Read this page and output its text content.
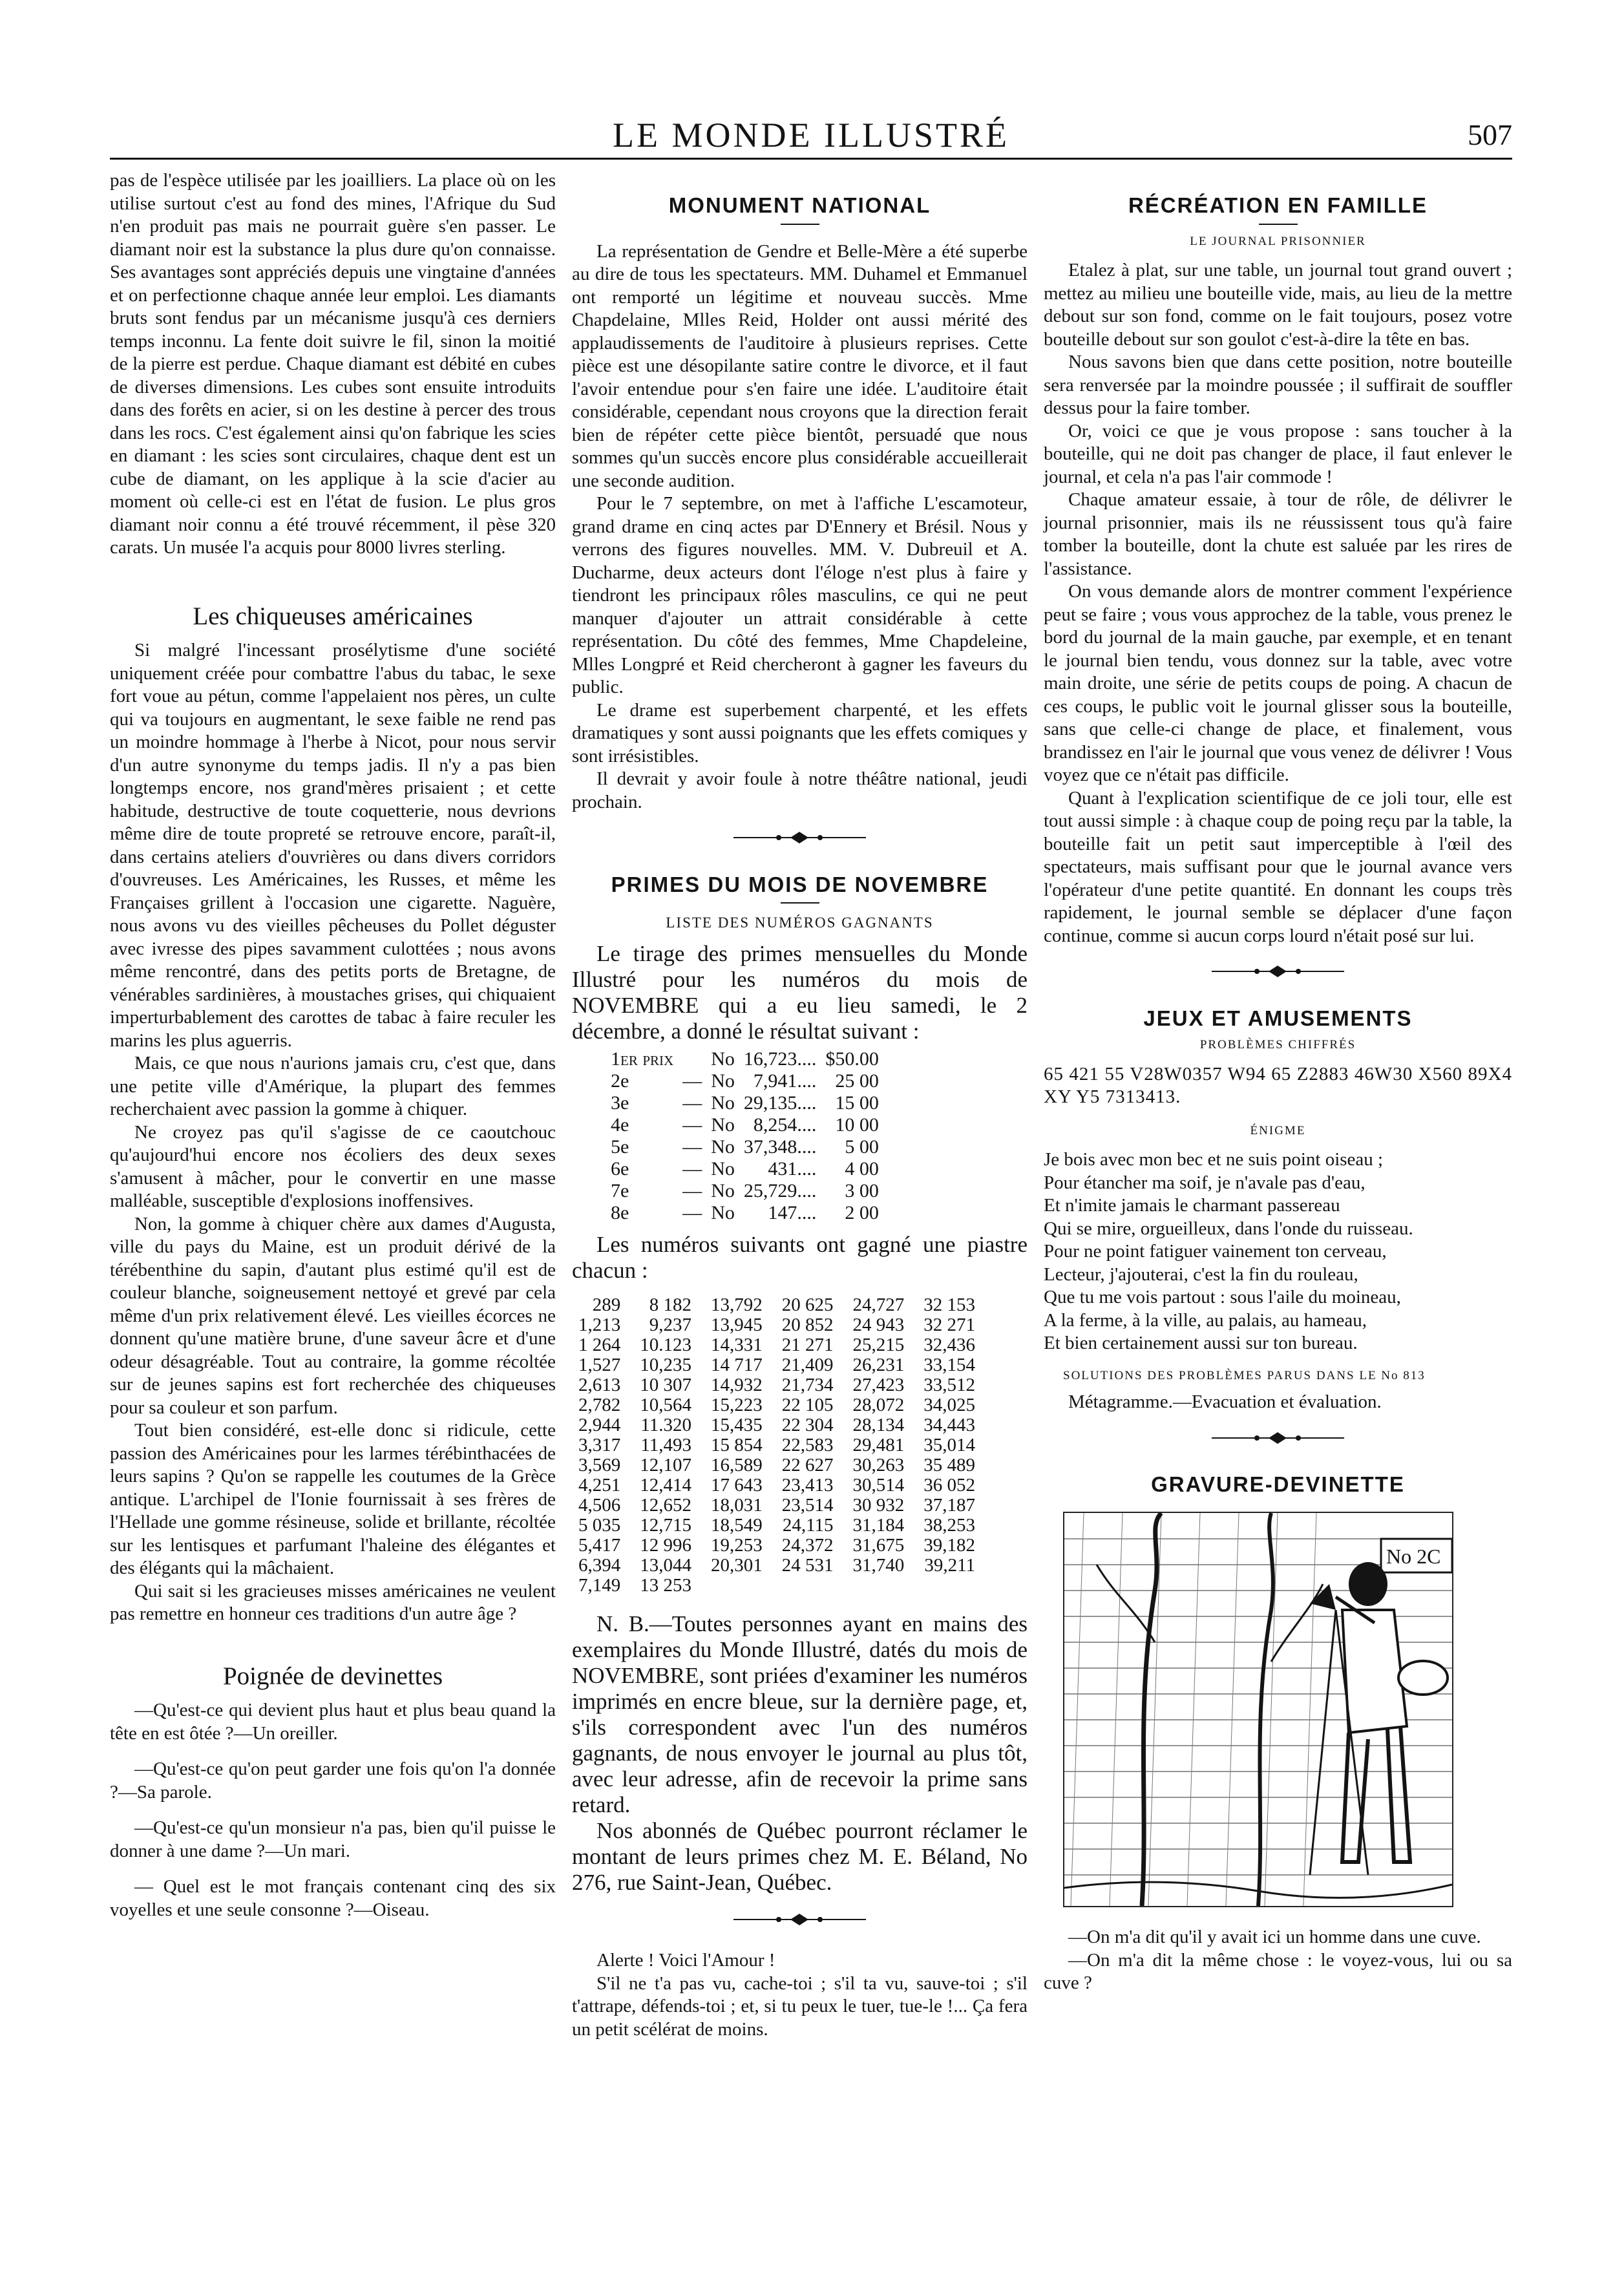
LE MONDE ILLUSTRÉ	507

pas de l'espèce utilisée par les joailliers. La place où on les utilise surtout c'est au fond des mines, l'Afrique du Sud n'en produit pas mais ne pourrait guère s'en passer. Le diamant noir est la substance la plus dure qu'on connaisse. Ses avantages sont appréciés depuis une vingtaine d'années et on perfectionne chaque année leur emploi. Les diamants bruts sont fendus par un mécanisme jusqu'à ces derniers temps inconnu. La fente doit suivre le fil, sinon la moitié de la pierre est perdue. Chaque diamant est débité en cubes de diverses dimensions. Les cubes sont ensuite introduits dans des forêts en acier, si on les destine à percer des trous dans les rocs. C'est également ainsi qu'on fabrique les scies en diamant : les scies sont circulaires, chaque dent est un cube de diamant, on les applique à la scie d'acier au moment où celle-ci est en l'état de fusion. Le plus gros diamant noir connu a été trouvé récemment, il pèse 320 carats. Un musée l'a acquis pour 8000 livres sterling.

Les chiqueuses américaines

Si malgré l'incessant prosélytisme d'une société uniquement créée pour combattre l'abus du tabac, le sexe fort voue au pétun, comme l'appelaient nos pères, un culte qui va toujours en augmentant, le sexe faible ne rend pas un moindre hommage à l'herbe à Nicot, pour nous servir d'un autre synonyme du temps jadis. Il n'y a pas bien longtemps encore, nos grand'mères prisaient ; et cette habitude, destructive de toute coquetterie, nous devrions même dire de toute propreté se retrouve encore, paraît-il, dans certains ateliers d'ouvrières ou dans divers corridors d'ouvreuses. Les Américaines, les Russes, et même les Françaises grillent à l'occasion une cigarette. Naguère, nous avons vu des vieilles pêcheuses du Pollet déguster avec ivresse des pipes savamment culottées ; nous avons même rencontré, dans des petits ports de Bretagne, de vénérables sardinières, à moustaches grises, qui chiquaient imperturbablement des carottes de tabac à faire reculer les marins les plus aguerris.

Mais, ce que nous n'aurions jamais cru, c'est que, dans une petite ville d'Amérique, la plupart des femmes recherchaient avec passion la gomme à chiquer.

Ne croyez pas qu'il s'agisse de ce caoutchouc qu'aujourd'hui encore nos écoliers des deux sexes s'amusent à mâcher, pour le convertir en une masse malléable, susceptible d'explosions inoffensives.

Non, la gomme à chiquer chère aux dames d'Augusta, ville du pays du Maine, est un produit dérivé de la térébenthine du sapin, d'autant plus estimé qu'il est de couleur blanche, soigneusement nettoyé et grevé par cela même d'un prix relativement élevé. Les vieilles écorces ne donnent qu'une matière brune, d'une saveur âcre et d'une odeur désagréable. Tout au contraire, la gomme récoltée sur de jeunes sapins est fort recherchée des chiqueuses pour sa couleur et son parfum.

Tout bien considéré, est-elle donc si ridicule, cette passion des Américaines pour les larmes térébinthacées de leurs sapins ? Qu'on se rappelle les coutumes de la Grèce antique. L'archipel de l'Ionie fournissait à ses frères de l'Hellade une gomme résineuse, solide et brillante, récoltée sur les lentisques et parfumant l'haleine des élégantes et des élégants qui la mâchaient.

Qui sait si les gracieuses misses américaines ne veulent pas remettre en honneur ces traditions d'un autre âge ?

Poignée de devinettes

—Qu'est-ce qui devient plus haut et plus beau quand la tête en est ôtée ?—Un oreiller.

—Qu'est-ce qu'on peut garder une fois qu'on l'a donnée ?—Sa parole.

—Qu'est-ce qu'un monsieur n'a pas, bien qu'il puisse le donner à une dame ?—Un mari.

— Quel est le mot français contenant cinq des six voyelles et une seule consonne ?—Oiseau.

MONUMENT NATIONAL

La représentation de Gendre et Belle-Mère a été superbe au dire de tous les spectateurs. MM. Duhamel et Emmanuel ont remporté un légitime et nouveau succès. Mme Chapdelaine, Mlles Reid, Holder ont aussi mérité des applaudissements de l'auditoire à plusieurs reprises. Cette pièce est une désopilante satire contre le divorce, et il faut l'avoir entendue pour s'en faire une idée. L'auditoire était considérable, cependant nous croyons que la direction ferait bien de répéter cette pièce bientôt, persuadé que nous sommes qu'un succès encore plus considérable accueillerait une seconde audition.

Pour le 7 septembre, on met à l'affiche L'escamoteur, grand drame en cinq actes par D'Ennery et Brésil. Nous y verrons des figures nouvelles. MM. V. Dubreuil et A. Ducharme, deux acteurs dont l'éloge n'est plus à faire y tiendront les principaux rôles masculins, ce qui ne peut manquer d'ajouter un attrait considérable à cette représentation. Du côté des femmes, Mme Chapdeleine, Mlles Longpré et Reid chercheront à gagner les faveurs du public.

Le drame est superbement charpenté, et les effets dramatiques y sont aussi poignants que les effets comiques y sont irrésistibles.

Il devrait y avoir foule à notre théâtre national, jeudi prochain.

PRIMES DU MOIS DE NOVEMBRE
LISTE DES NUMÉROS GAGNANTS

Le tirage des primes mensuelles du Monde Illustré pour les numéros du mois de NOVEMBRE qui a eu lieu samedi, le 2 décembre, a donné le résultat suivant :

1er prix		No	16,723....	$50.00
2e	—	No	7,941....	25 00
3e	—	No	29,135....	15 00
4e	—	No	8,254....	10 00
5e	—	No	37,348....	5 00
6e	—	No	431....	4 00
7e	—	No	25,729....	3 00
8e	—	No	147....	2 00

Les numéros suivants ont gagné une piastre chacun :

289	8 182	13,792	20 625	24,727	32 153
1,213	9,237	13,945	20 852	24 943	32 271
1 264	10.123	14,331	21 271	25,215	32,436
1,527	10,235	14 717	21,409	26,231	33,154
2,613	10 307	14,932	21,734	27,423	33,512
2,782	10,564	15,223	22 105	28,072	34,025
2,944	11.320	15,435	22 304	28,134	34,443
3,317	11,493	15 854	22,583	29,481	35,014
3,569	12,107	16,589	22 627	30,263	35 489
4,251	12,414	17 643	23,413	30,514	36 052
4,506	12,652	18,031	23,514	30 932	37,187
5 035	12,715	18,549	24,115	31,184	38,253
5,417	12 996	19,253	24,372	31,675	39,182
6,394	13,044	20,301	24 531	31,740	39,211
7,149	13 253				

N. B.—Toutes personnes ayant en mains des exemplaires du Monde Illustré, datés du mois de NOVEMBRE, sont priées d'examiner les numéros imprimés en encre bleue, sur la dernière page, et, s'ils correspondent avec l'un des numéros gagnants, de nous envoyer le journal au plus tôt, avec leur adresse, afin de recevoir la prime sans retard.

Nos abonnés de Québec pourront réclamer le montant de leurs primes chez M. E. Béland, No 276, rue Saint-Jean, Québec.

Alerte ! Voici l'Amour !

S'il ne t'a pas vu, cache-toi ; s'il ta vu, sauve-toi ; s'il t'attrape, défends-toi ; et, si tu peux le tuer, tue-le !... Ça fera un petit scélérat de moins.

RÉCRÉATION EN FAMILLE
LE JOURNAL PRISONNIER

Etalez à plat, sur une table, un journal tout grand ouvert ; mettez au milieu une bouteille vide, mais, au lieu de la mettre debout sur son fond, comme on le fait toujours, posez votre bouteille debout sur son goulot c'est-à-dire la tête en bas.

Nous savons bien que dans cette position, notre bouteille sera renversée par la moindre poussée ; il suffirait de souffler dessus pour la faire tomber.

Or, voici ce que je vous propose : sans toucher à la bouteille, qui ne doit pas changer de place, il faut enlever le journal, et cela n'a pas l'air commode !

Chaque amateur essaie, à tour de rôle, de délivrer le journal prisonnier, mais ils ne réussissent tous qu'à faire tomber la bouteille, dont la chute est saluée par les rires de l'assistance.

On vous demande alors de montrer comment l'expérience peut se faire ; vous vous approchez de la table, vous prenez le bord du journal de la main gauche, par exemple, et en tenant le journal bien tendu, vous donnez sur la table, avec votre main droite, une série de petits coups de poing. A chacun de ces coups, le public voit le journal glisser sous la bouteille, sans que celle-ci change de place, et finalement, vous brandissez en l'air le journal que vous venez de délivrer ! Vous voyez que ce n'était pas difficile.

Quant à l'explication scientifique de ce joli tour, elle est tout aussi simple : à chaque coup de poing reçu par la table, la bouteille fait un petit saut imperceptible à l'œil des spectateurs, mais suffisant pour que le journal avance vers l'opérateur d'une petite quantité. En donnant les coups très rapidement, le journal semble se déplacer d'une façon continue, comme si aucun corps lourd n'était posé sur lui.

JEUX ET AMUSEMENTS
PROBLÈMES CHIFFRÉS

65 421 55 V28W0357 W94 65 Z2883 46W30 X560 89X4 XY Y5 7313413.

ÉNIGME

Je bois avec mon bec et ne suis point oiseau ;

Pour étancher ma soif, je n'avale pas d'eau,

Et n'imite jamais le charmant passereau

Qui se mire, orgueilleux, dans l'onde du ruisseau.

Pour ne point fatiguer vainement ton cerveau,

Lecteur, j'ajouterai, c'est la fin du rouleau,

Que tu me vois partout : sous l'aile du moineau,

A la ferme, à la ville, au palais, au hameau,

Et bien certainement aussi sur ton bureau.

SOLUTIONS DES PROBLÈMES PARUS DANS LE No 813

Métagramme.—Evacuation et évaluation.

GRAVURE-DEVINETTE
No 2C

—On m'a dit qu'il y avait ici un homme dans une cuve.

—On m'a dit la même chose : le voyez-vous, lui ou sa cuve ?
